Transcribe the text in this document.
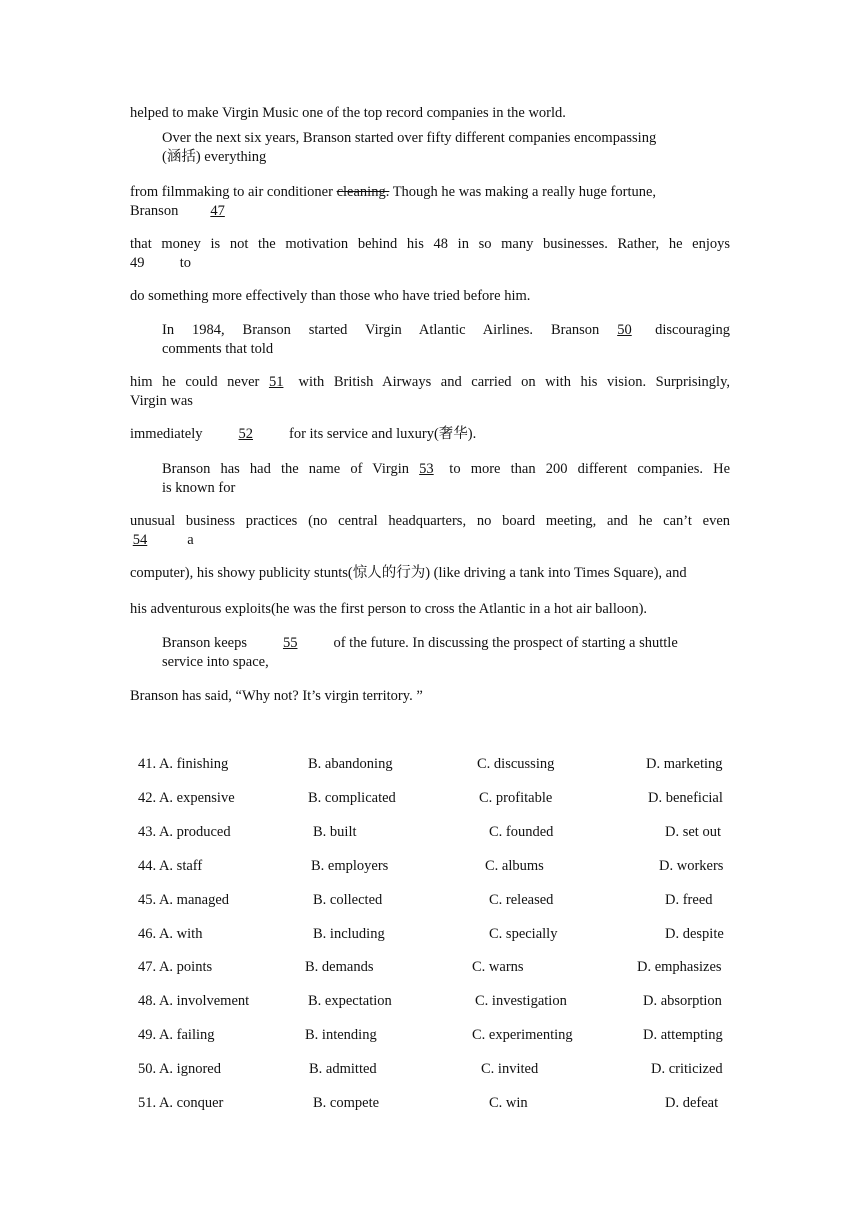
helped to make Virgin Music one of the top record companies in the world.
Over the next six years, Branson started over fifty different companies encompassing
(涵括) everything
from filmmaking to air conditioner cleaning. Though he was making a really huge fortune,
Branson 47
that money is not the motivation behind his 48 in so many businesses. Rather, he enjoys
49 to
do something more effectively than those who have tried before him.
In 1984, Branson started Virgin Atlantic Airlines. Branson 50 discouraging
comments that told
him he could never 51 with British Airways and carried on with his vision. Surprisingly,
Virgin was
immediately 52 for its service and luxury(奢华).
Branson has had the name of Virgin 53 to more than 200 different companies. He
is known for
unusual business practices (no central headquarters, no board meeting, and he can’t even
54	a
computer), his showy publicity stunts(惊人的行为) (like driving a tank into Times Square), and
his adventurous exploits(he was the first person to cross the Atlantic in a hot air balloon).
Branson keeps 55 of the future. In discussing the prospect of starting a shuttle
service into space,
Branson has said, “Why not? It’s virgin territory. ”
41. A. finishing	B. abandoning	C. discussing	D. marketing
42. A. expensive	B. complicated	C. profitable	D. beneficial
43. A. produced	B. built	C. founded	D. set out
44. A. staff	B. employers	C. albums	D. workers
45. A. managed	B. collected	C. released	D. freed
46. A. with	B. including	C. specially	D. despite
47. A. points	B. demands	C. warns	D. emphasizes
48. A. involvement	B. expectation	C. investigation	D. absorption
49. A. failing	B. intending	C. experimenting	D. attempting
50. A. ignored	B. admitted	C. invited	D. criticized
51. A. conquer	B. compete	C. win	D. defeat
